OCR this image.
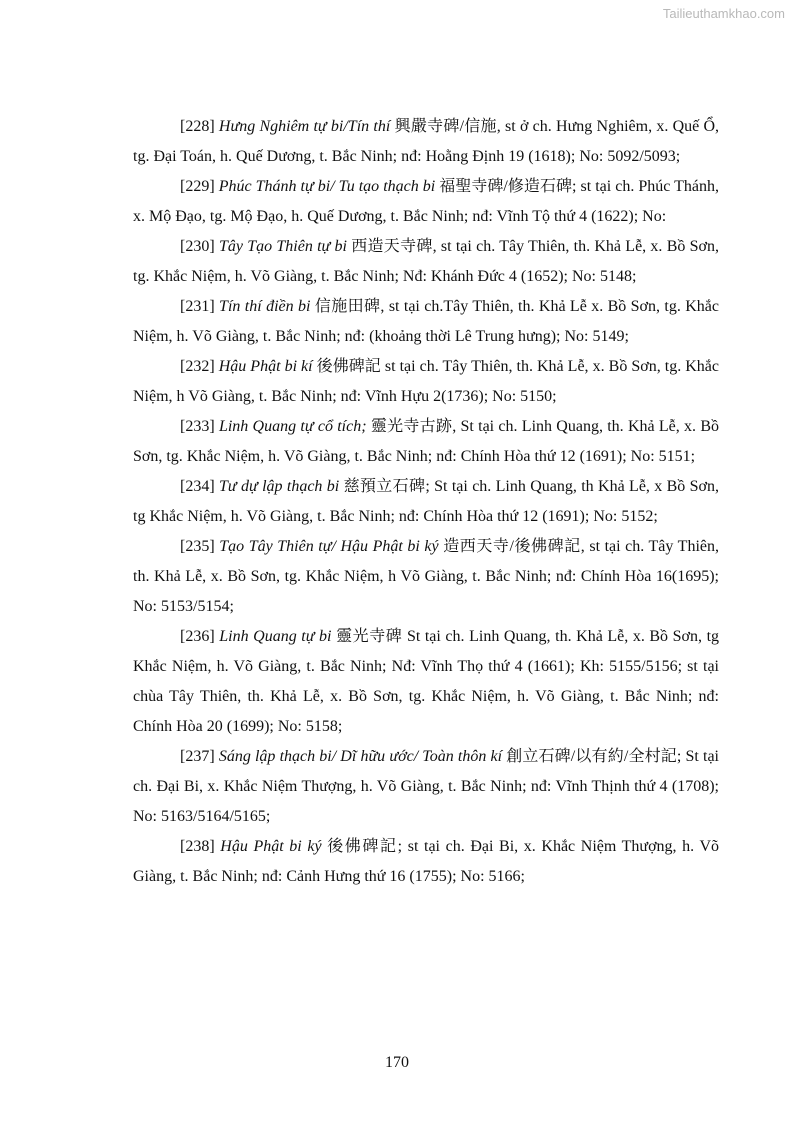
Tailieuthamkhao.com

[228] Hưng Nghiêm tự bi/Tín thí 興嚴寺碑/信施, st ở ch. Hưng Nghiêm, x. Quế Ổ, tg. Đại Toán, h. Quế Dương, t. Bắc Ninh; nđ: Hoằng Định 19 (1618); No: 5092/5093;

[229] Phúc Thánh tự bi/ Tu tạo thạch bi 福聖寺碑/修造石碑; st tại ch. Phúc Thánh, x. Mộ Đạo, tg. Mộ Đạo, h. Quế Dương, t. Bắc Ninh; nđ: Vĩnh Tộ thứ 4 (1622); No:

[230] Tây Tạo Thiên tự bi 西造天寺碑, st tại ch. Tây Thiên, th. Khả Lễ, x. Bồ Sơn, tg. Khắc Niệm, h. Võ Giàng, t. Bắc Ninh; Nđ: Khánh Đức 4 (1652); No: 5148;

[231] Tín thí điền bi 信施田碑, st tại ch.Tây Thiên, th. Khả Lễ x. Bồ Sơn, tg. Khắc Niệm, h. Võ Giàng, t. Bắc Ninh; nđ: (khoảng thời Lê Trung hưng); No: 5149;

[232] Hậu Phật bi kí 後佛碑記 st tại ch. Tây Thiên, th. Khả Lễ, x. Bồ Sơn, tg. Khắc Niệm, h Võ Giàng, t. Bắc Ninh; nđ: Vĩnh Hựu 2(1736); No: 5150;

[233] Linh Quang tự cổ tích; 靈光寺古跡, St tại ch. Linh Quang, th. Khả Lễ, x. Bồ Sơn, tg. Khắc Niệm, h. Võ Giàng, t. Bắc Ninh; nđ: Chính Hòa thứ 12 (1691); No: 5151;

[234] Tư dự lập thạch bi 慈預立石碑; St tại ch. Linh Quang, th Khả Lễ, x Bồ Sơn, tg Khắc Niệm, h. Võ Giàng, t. Bắc Ninh; nđ: Chính Hòa thứ 12 (1691); No: 5152;

[235] Tạo Tây Thiên tự/ Hậu Phật bi ký 造西天寺/後佛碑記, st tại ch. Tây Thiên, th. Khả Lễ, x. Bồ Sơn, tg. Khắc Niệm, h Võ Giàng, t. Bắc Ninh; nđ: Chính Hòa 16(1695); No: 5153/5154;

[236] Linh Quang tự bi 靈光寺碑 St tại ch. Linh Quang, th. Khả Lễ, x. Bồ Sơn, tg Khắc Niệm, h. Võ Giàng, t. Bắc Ninh; Nđ: Vĩnh Thọ thứ 4 (1661); Kh: 5155/5156; st tại chùa Tây Thiên, th. Khả Lễ, x. Bồ Sơn, tg. Khắc Niệm, h. Võ Giàng, t. Bắc Ninh; nđ: Chính Hòa 20 (1699); No: 5158;

[237] Sáng lập thạch bi/ Dĩ hữu ước/ Toàn thôn kí 創立石碑/以有約/全村記; St tại ch. Đại Bi, x. Khắc Niệm Thượng, h. Võ Giàng, t. Bắc Ninh; nđ: Vĩnh Thịnh thứ 4 (1708); No: 5163/5164/5165;

[238] Hậu Phật bi ký 後佛碑記; st tại ch. Đại Bi, x. Khắc Niệm Thượng, h. Võ Giàng, t. Bắc Ninh; nđ: Cảnh Hưng thứ 16 (1755); No: 5166;

170
